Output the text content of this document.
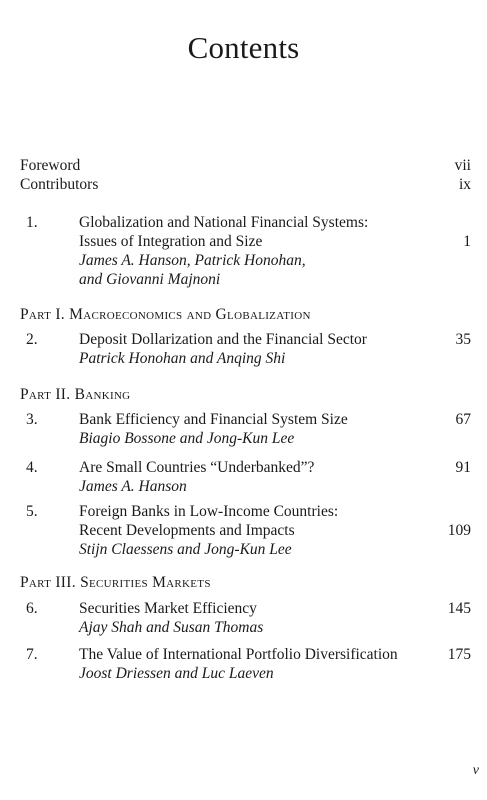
Contents
Foreword	vii
Contributors	ix
1.	Globalization and National Financial Systems:
Issues of Integration and Size	1
James A. Hanson, Patrick Honohan,
and Giovanni Majnoni
Part I. Macroeconomics and Globalization
2.	Deposit Dollarization and the Financial Sector	35
Patrick Honohan and Anqing Shi
Part II. Banking
3.	Bank Efficiency and Financial System Size	67
Biagio Bossone and Jong-Kun Lee
4.	Are Small Countries “Underbanked”?	91
James A. Hanson
5.	Foreign Banks in Low-Income Countries:
Recent Developments and Impacts	109
Stijn Claessens and Jong-Kun Lee
Part III. Securities Markets
6.	Securities Market Efficiency	145
Ajay Shah and Susan Thomas
7.	The Value of International Portfolio Diversification	175
Joost Driessen and Luc Laeven
v
